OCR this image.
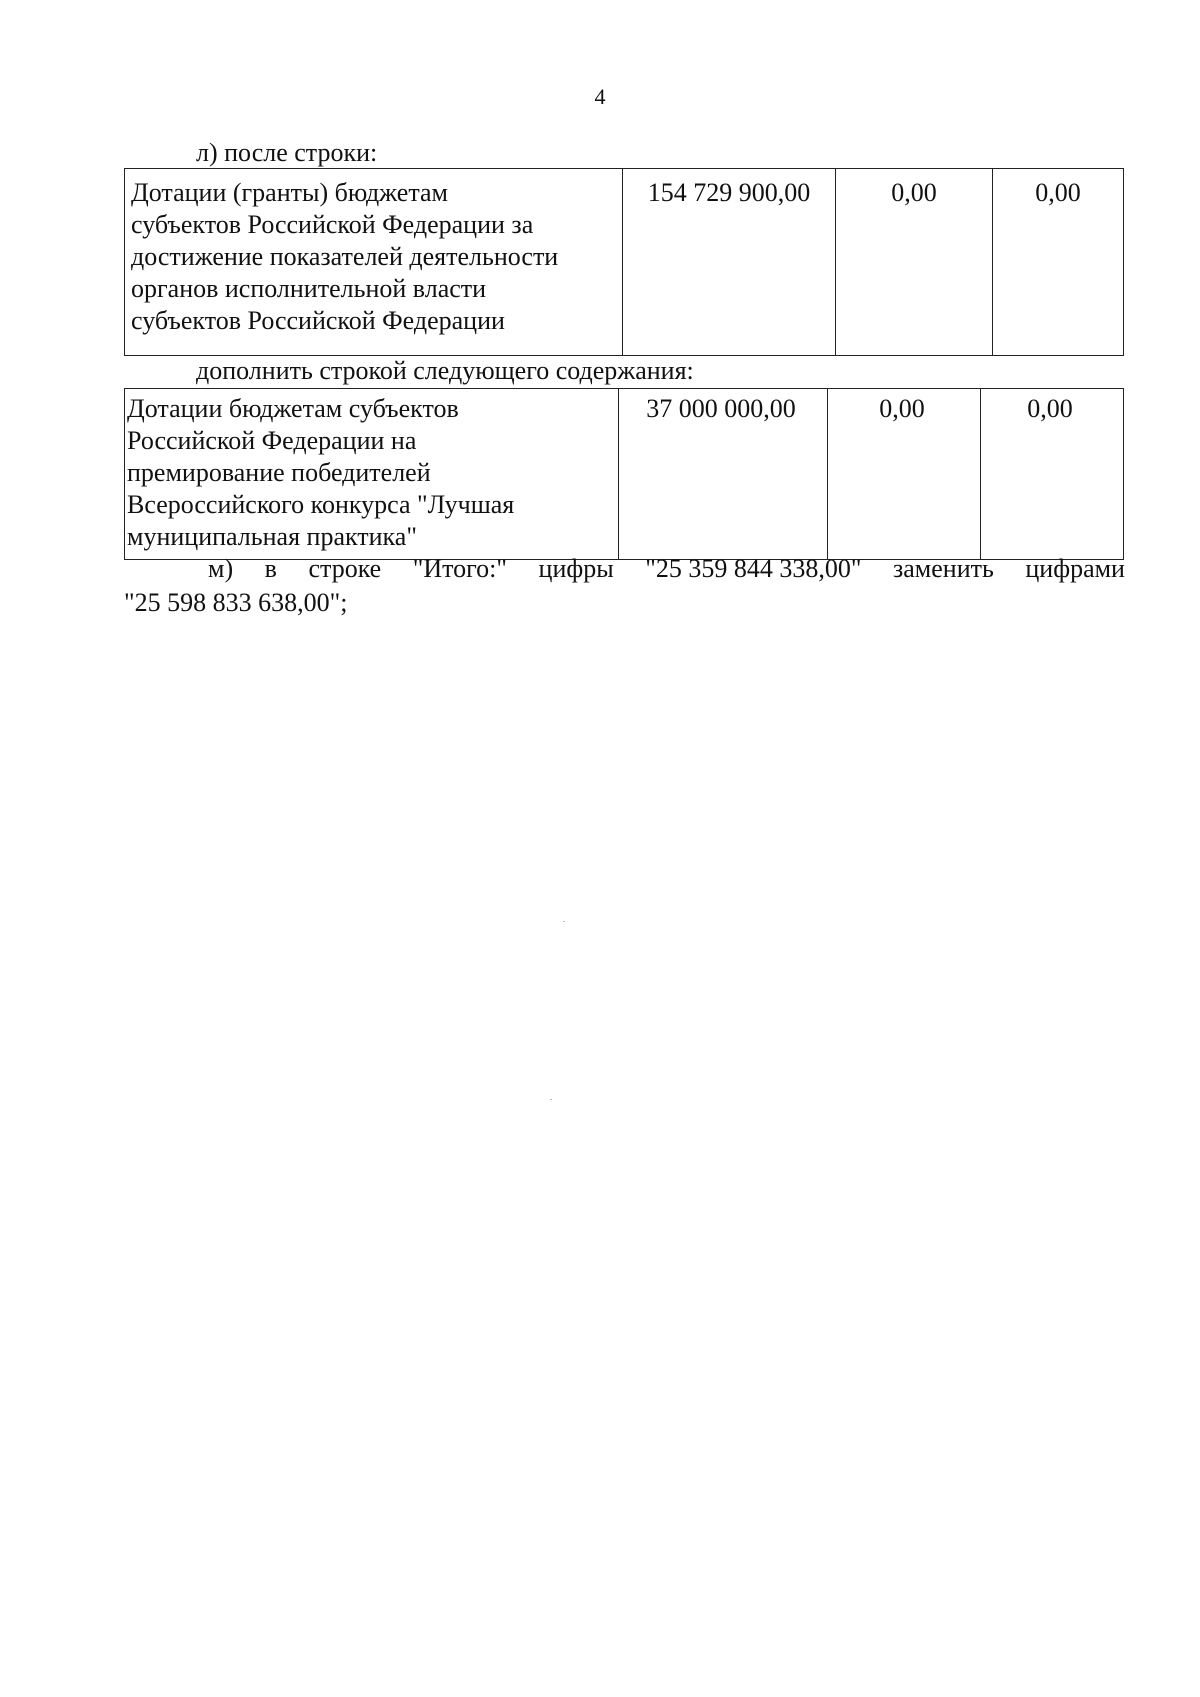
4
л) после строки:
Дотации (гранты) бюджетам
субъектов Российской Федерации за
достижение показателей деятельности
органов исполнительной власти
субъектов Российской Федерации
	154 729 900,00	0,00	0,00
дополнить строкой следующего содержания:
Дотации бюджетам субъектов
Российской Федерации на
премирование победителей
Всероссийского конкурса "Лучшая
муниципальная практика"
	37 000 000,00	0,00	0,00
м) в строке "Итого:" цифры "25 359 844 338,00" заменить цифрами
"25 598 833 638,00";
